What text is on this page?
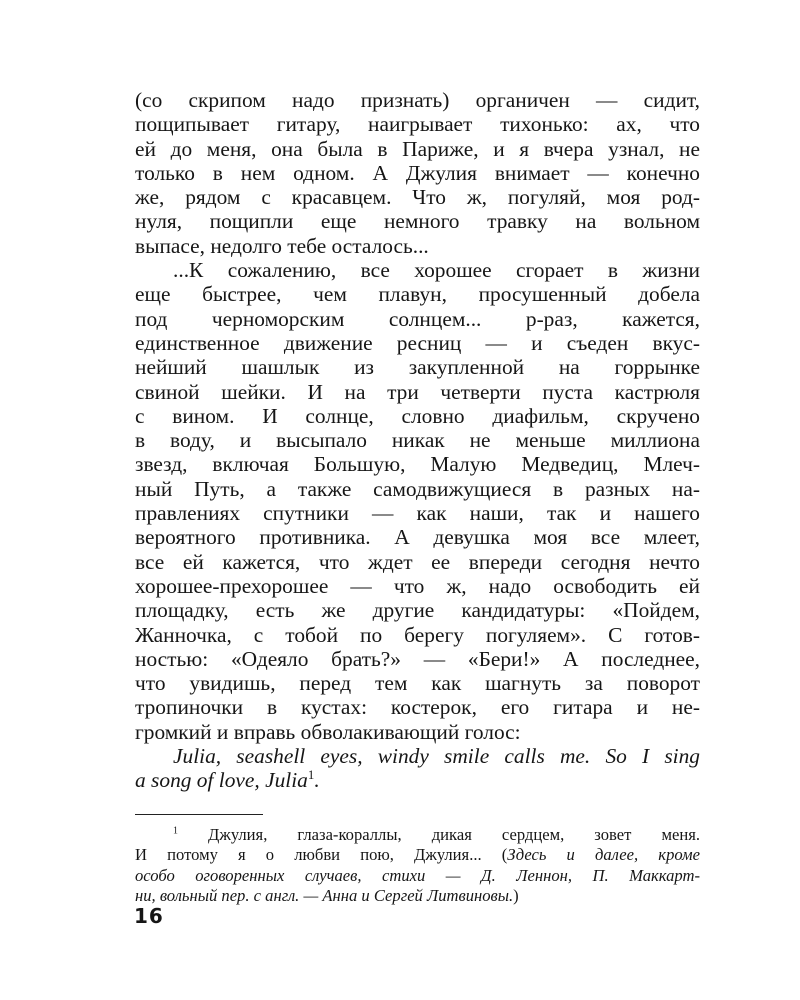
(со скрипом надо признать) органичен — сидит,
пощипывает гитару, наигрывает тихонько: ах, что
ей до меня, она была в Париже, и я вчера узнал, не
только в нем одном. А Джулия внимает — конечно
же, рядом с красавцем. Что ж, погуляй, моя род-
нуля, пощипли еще немного травку на вольном
выпасе, недолго тебе осталось...
...К сожалению, все хорошее сгорает в жизни
еще быстрее, чем плавун, просушенный добела
под черноморским солнцем... р-раз, кажется,
единственное движение ресниц — и съеден вкус-
нейший шашлык из закупленной на горрынке
свиной шейки. И на три четверти пуста кастрюля
с вином. И солнце, словно диафильм, скручено
в воду, и высыпало никак не меньше миллиона
звезд, включая Большую, Малую Медведиц, Млеч-
ный Путь, а также самодвижущиеся в разных на-
правлениях спутники — как наши, так и нашего
вероятного противника. А девушка моя все млеет,
все ей кажется, что ждет ее впереди сегодня нечто
хорошее-прехорошее — что ж, надо освободить ей
площадку, есть же другие кандидатуры: «Пойдем,
Жанночка, с тобой по берегу погуляем». С готов-
ностью: «Одеяло брать?» — «Бери!» А последнее,
что увидишь, перед тем как шагнуть за поворот
тропиночки в кустах: костерок, его гитара и не-
громкий и вправь обволакивающий голос:
Julia, seashell eyes, windy smile calls me. So I sing
a song of love, Julia$^1$.
$^1$ Джулия, глаза-кораллы, дикая сердцем, зовет меня.
И потому я о любви пою, Джулия... (Здесь и далее, кроме
особо оговоренных случаев, стихи — Д. Леннон, П. Маккарт-
ни, вольный пер. с англ. — Анна и Сергей Литвиновы.)
16
